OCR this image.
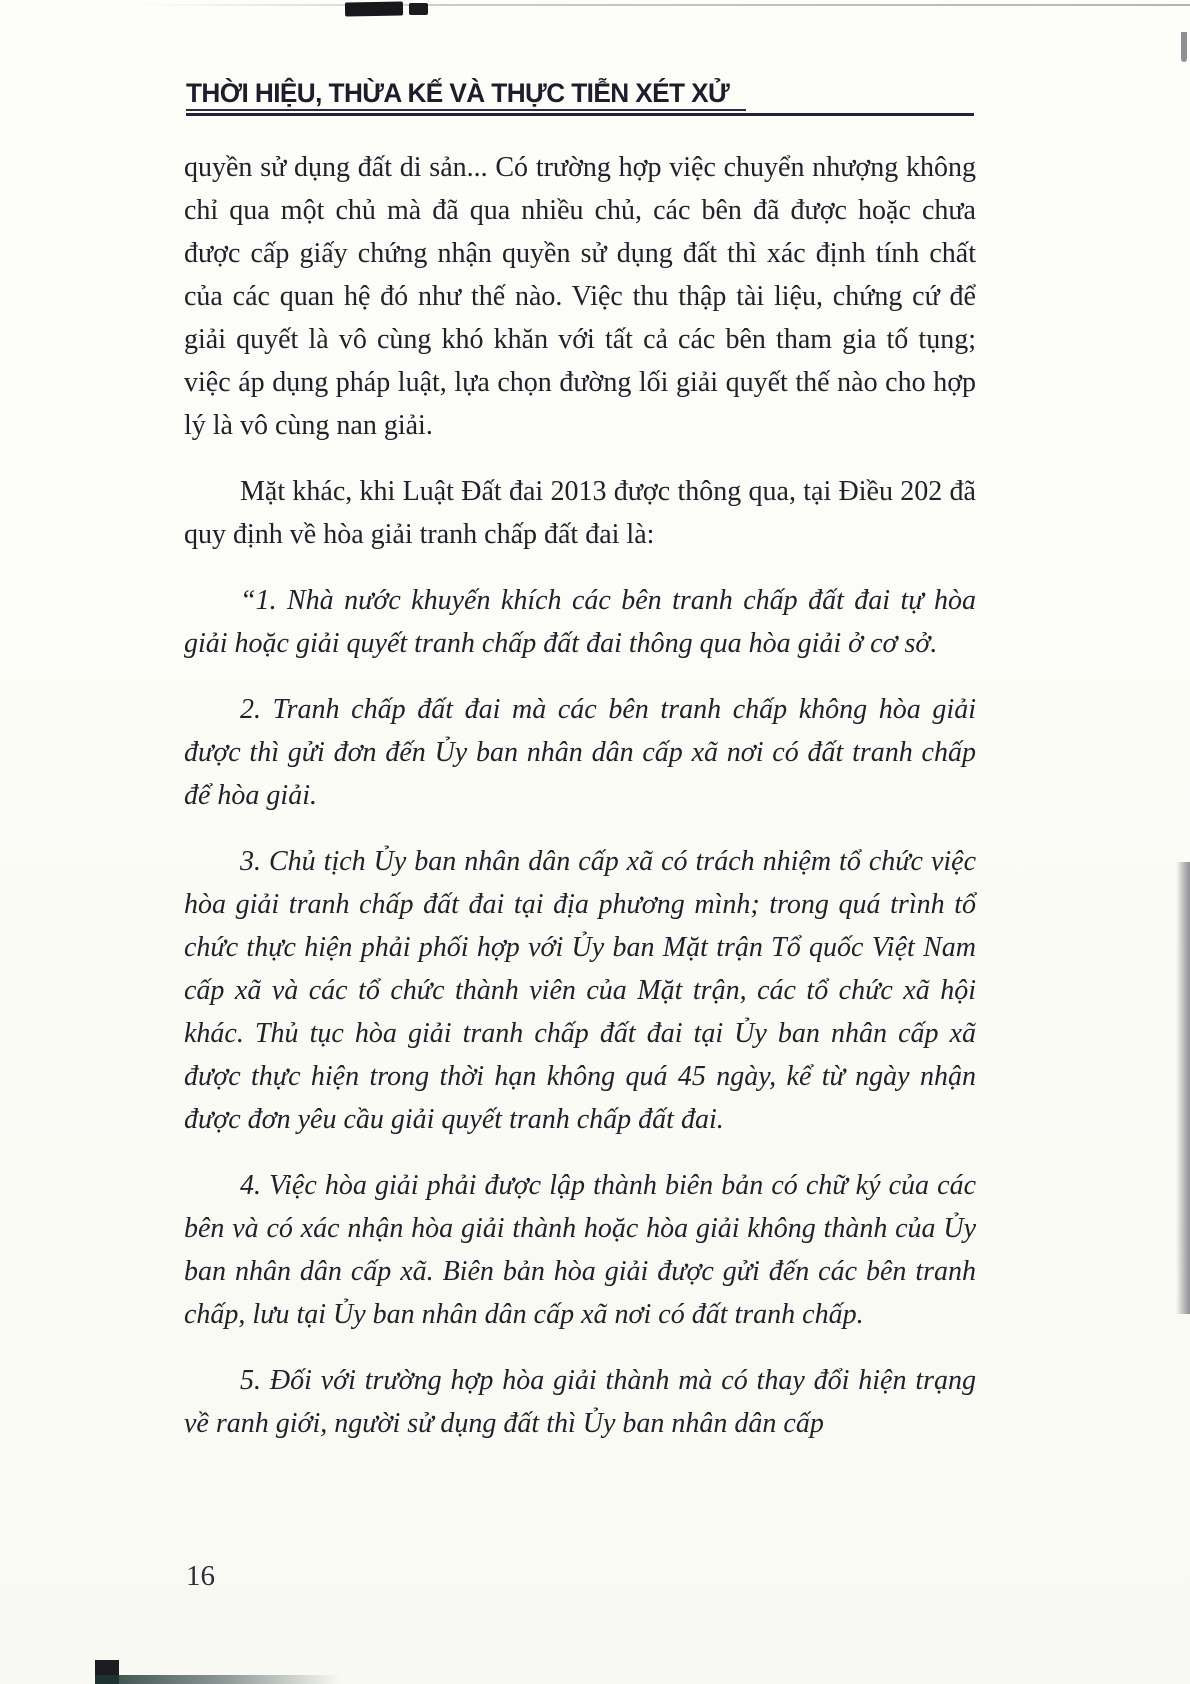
THỜI HIỆU, THỪA KẾ VÀ THỰC TIỄN XÉT XỬ

quyền sử dụng đất di sản... Có trường hợp việc chuyển nhượng không chỉ qua một chủ mà đã qua nhiều chủ, các bên đã được hoặc chưa được cấp giấy chứng nhận quyền sử dụng đất thì xác định tính chất của các quan hệ đó như thế nào. Việc thu thập tài liệu, chứng cứ để giải quyết là vô cùng khó khăn với tất cả các bên tham gia tố tụng; việc áp dụng pháp luật, lựa chọn đường lối giải quyết thế nào cho hợp lý là vô cùng nan giải.

Mặt khác, khi Luật Đất đai 2013 được thông qua, tại Điều 202 đã quy định về hòa giải tranh chấp đất đai là:

“1. Nhà nước khuyến khích các bên tranh chấp đất đai tự hòa giải hoặc giải quyết tranh chấp đất đai thông qua hòa giải ở cơ sở.

2. Tranh chấp đất đai mà các bên tranh chấp không hòa giải được thì gửi đơn đến Ủy ban nhân dân cấp xã nơi có đất tranh chấp để hòa giải.

3. Chủ tịch Ủy ban nhân dân cấp xã có trách nhiệm tổ chức việc hòa giải tranh chấp đất đai tại địa phương mình; trong quá trình tổ chức thực hiện phải phối hợp với Ủy ban Mặt trận Tổ quốc Việt Nam cấp xã và các tổ chức thành viên của Mặt trận, các tổ chức xã hội khác. Thủ tục hòa giải tranh chấp đất đai tại Ủy ban nhân cấp xã được thực hiện trong thời hạn không quá 45 ngày, kể từ ngày nhận được đơn yêu cầu giải quyết tranh chấp đất đai.

4. Việc hòa giải phải được lập thành biên bản có chữ ký của các bên và có xác nhận hòa giải thành hoặc hòa giải không thành của Ủy ban nhân dân cấp xã. Biên bản hòa giải được gửi đến các bên tranh chấp, lưu tại Ủy ban nhân dân cấp xã nơi có đất tranh chấp.

5. Đối với trường hợp hòa giải thành mà có thay đổi hiện trạng về ranh giới, người sử dụng đất thì Ủy ban nhân dân cấp

16
